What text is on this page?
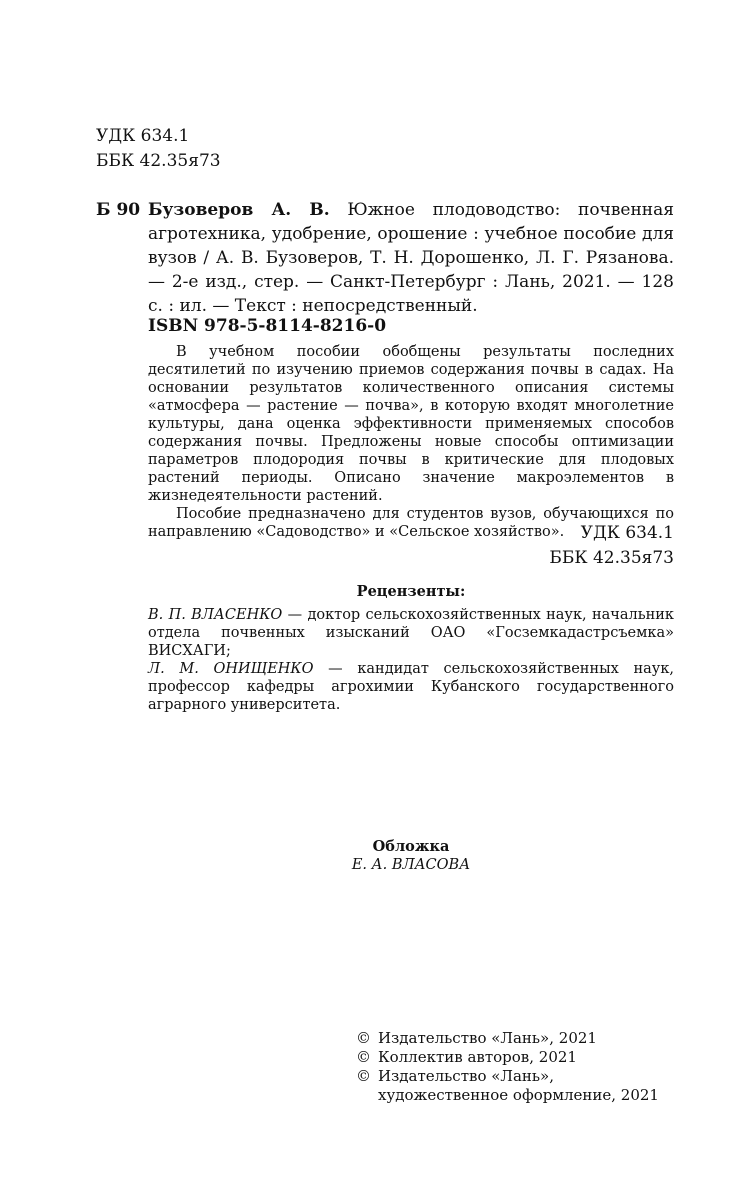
УДК 634.1
ББК 42.35я73
Б 90 Бузоверов А. В. Южное плодоводство: почвенная агротехника, удобрение, орошение : учебное пособие для вузов / А. В. Бузоверов, Т. Н. Дорошенко, Л. Г. Рязанова. — 2-е изд., стер. — Санкт-Петербург : Лань, 2021. — 128 с. : ил. — Текст : непосредственный.
ISBN 978-5-8114-8216-0

В учебном пособии обобщены результаты последних десятилетий по изучению приемов содержания почвы в садах. На основании результатов количественного описания системы «атмосфера — растение — почва», в которую входят многолетние культуры, дана оценка эффективности применяемых способов содержания почвы. Предложены новые способы оптимизации параметров плодородия почвы в критические для плодовых растений периоды. Описано значение макроэлементов в жизнедеятельности растений.

Пособие предназначено для студентов вузов, обучающихся по направлению «Садоводство» и «Сельское хозяйство». УДК 634.1
ББК 42.35я73
Рецензенты:

В. П. ВЛАСЕНКО — доктор сельскохозяйственных наук, начальник отдела почвенных изысканий ОАО «Госземкадастрсъемка» ВИСХАГИ;

Л. М. ОНИЩЕНКО — кандидат сельскохозяйственных наук, профессор кафедры агрохимии Кубанского государственного аграрного университета.

Обложка
Е. А. ВЛАСОВА
© Издательство «Лань», 2021
© Коллектив авторов, 2021
© Издательство «Лань»,
художественное оформление, 2021
